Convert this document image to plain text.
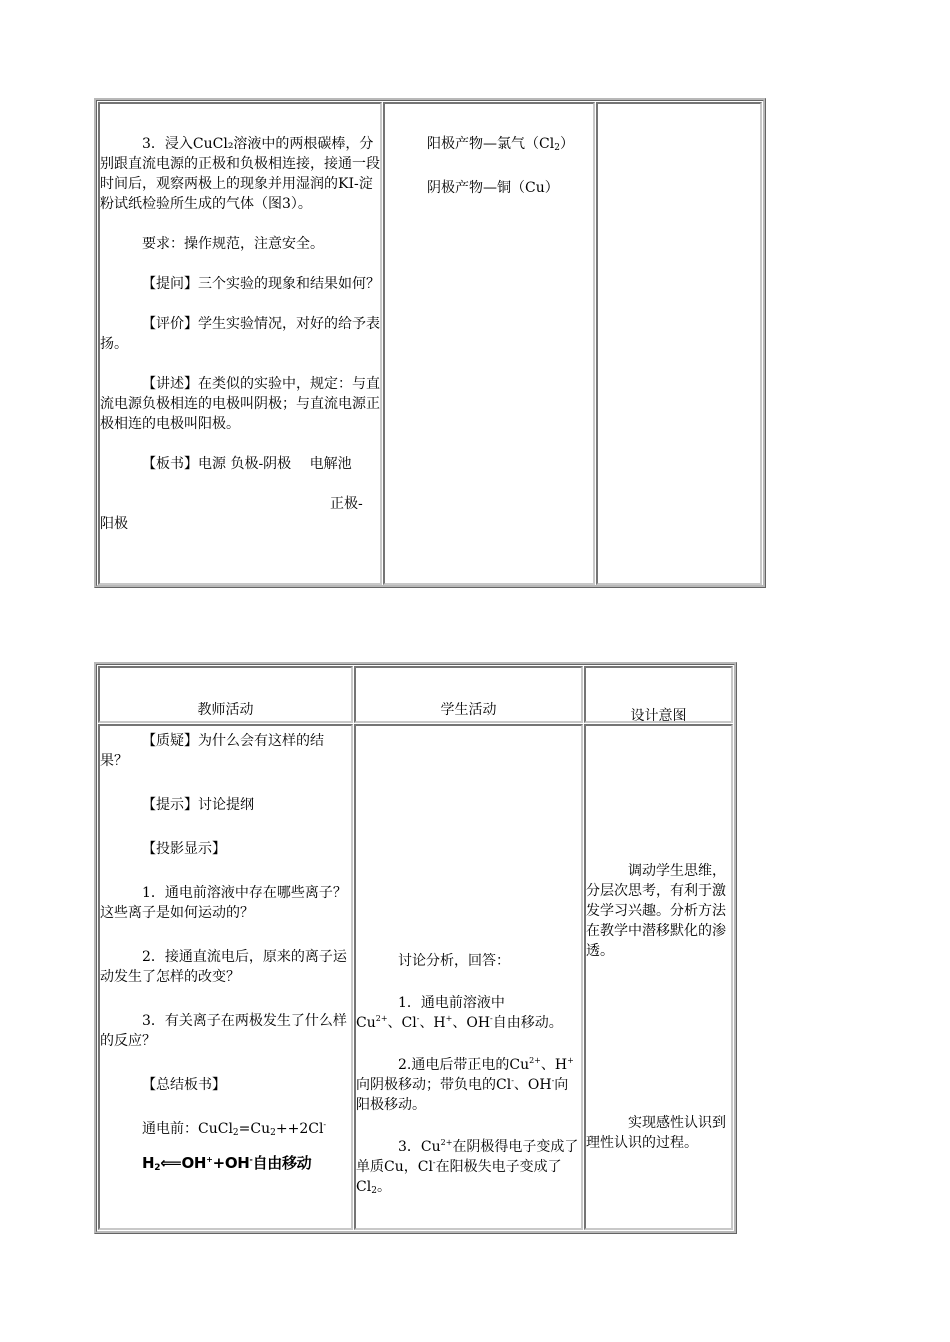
3．浸入CuCl₂溶液中的两根碳棒，分别跟直流电源的正极和负极相连接，接通一段时间后，观察两极上的现象并用湿润的KI-淀粉试纸检验所生成的气体（图3）。

要求：操作规范，注意安全。

【提问】三个实验的现象和结果如何？

【评价】学生实验情况，对好的给予表扬。

【讲述】在类似的实验中，规定：与直流电源负极相连的电极叫阴极；与直流电源正极相连的电极叫阳极。

【板书】电源 负极-阴极　 电解池

正极-

阳极

阳极产物—氯气$(Cl_2)$

阴极产物—铜（Cu）

教师活动	学生活动	设计意图

【质疑】为什么会有这样的结果？

【提示】讨论提纲

【投影显示】

1．通电前溶液中存在哪些离子？这些离子是如何运动的？

2．接通直流电后，原来的离子运动发生了怎样的改变？

3．有关离子在两极发生了什么样的反应？

【总结板书】

通电前：$CuCl_2=Cu_2++2Cl^-$

$H_2⟸OH^++OH^-$自由移动

讨论分析，回答：

1．通电前溶液中
$Cu^{2+}$、Cl-、H+、OH-自由移动。

2.通电后带正电的$Cu^{2+}$、H+
向阴极移动；带负电的Cl-、OH-向阳极移动。

3．$Cu^{2+}$在阴极得电子变成了单质Cu，Cl-在阳极失电子变成了$Cl_2$。

调动学生思维，分层次思考，有利于激发学习兴趣。分析方法在教学中潜移默化的渗透。

实现感性认识到理性认识的过程。
